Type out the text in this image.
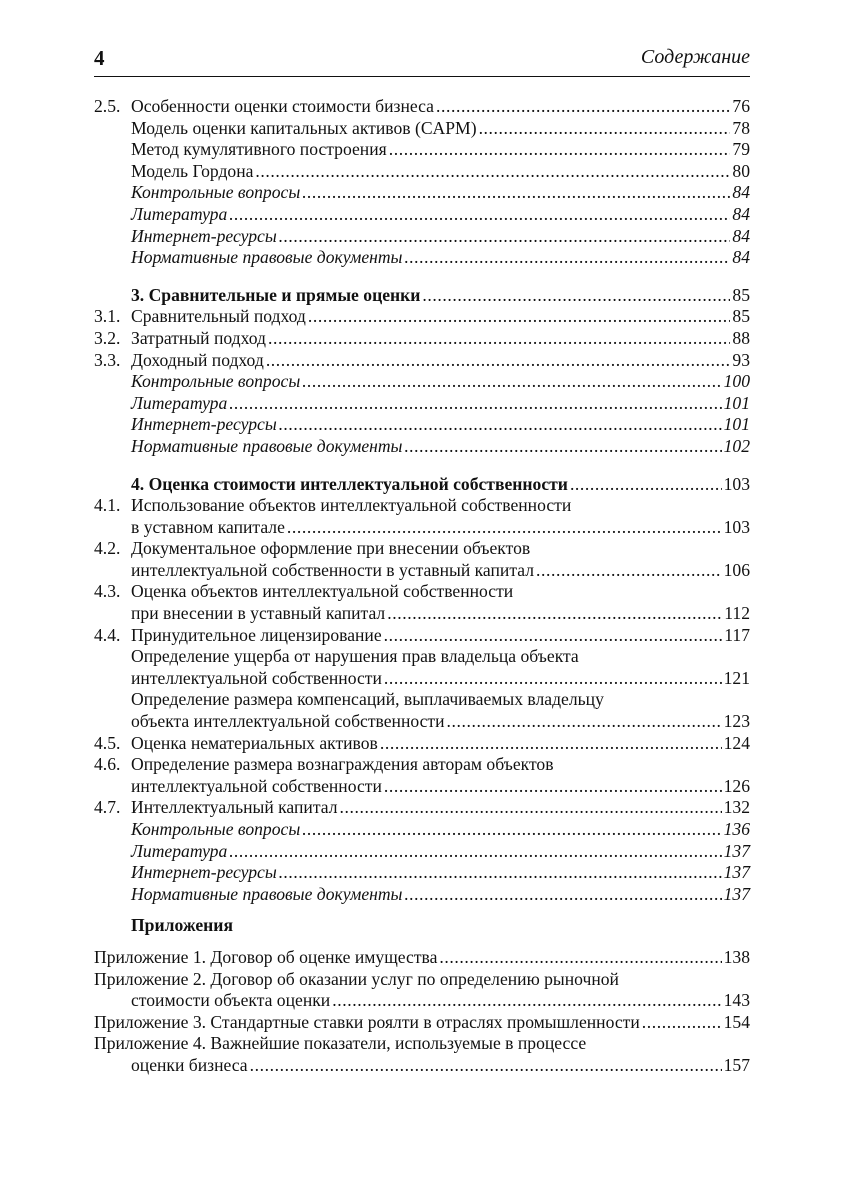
4	Содержание
2.5. Особенности оценки стоимости бизнеса .....	76
Модель оценки капитальных активов (CAPM) .....	78
Метод кумулятивного построения .....	79
Модель Гордона .....	80
Контрольные вопросы .....	84
Литература .....	84
Интернет-ресурсы .....	84
Нормативные правовые документы .....	84
3. Сравнительные и прямые оценки .....	85
3.1. Сравнительный подход .....	85
3.2. Затратный подход .....	88
3.3. Доходный подход .....	93
Контрольные вопросы .....	100
Литература .....	101
Интернет-ресурсы .....	101
Нормативные правовые документы .....	102
4. Оценка стоимости интеллектуальной собственности .....	103
4.1. Использование объектов интеллектуальной собственности
в уставном капитале .....	103
4.2. Документальное оформление при внесении объектов
интеллектуальной собственности в уставный капитал .....	106
4.3. Оценка объектов интеллектуальной собственности
при внесении в уставный капитал .....	112
4.4. Принудительное лицензирование .....	117
Определение ущерба от нарушения прав владельца объекта
интеллектуальной собственности .....	121
Определение размера компенсаций, выплачиваемых владельцу
объекта интеллектуальной собственности .....	123
4.5. Оценка нематериальных активов .....	124
4.6. Определение размера вознаграждения авторам объектов
интеллектуальной собственности .....	126
4.7. Интеллектуальный капитал .....	132
Контрольные вопросы .....	136
Литература .....	137
Интернет-ресурсы .....	137
Нормативные правовые документы .....	137
Приложения
Приложение 1. Договор об оценке имущества .....	138
Приложение 2. Договор об оказании услуг по определению рыночной
стоимости объекта оценки .....	143
Приложение 3. Стандартные ставки роялти в отраслях промышленности .....	154
Приложение 4. Важнейшие показатели, используемые в процессе
оценки бизнеса .....	157
